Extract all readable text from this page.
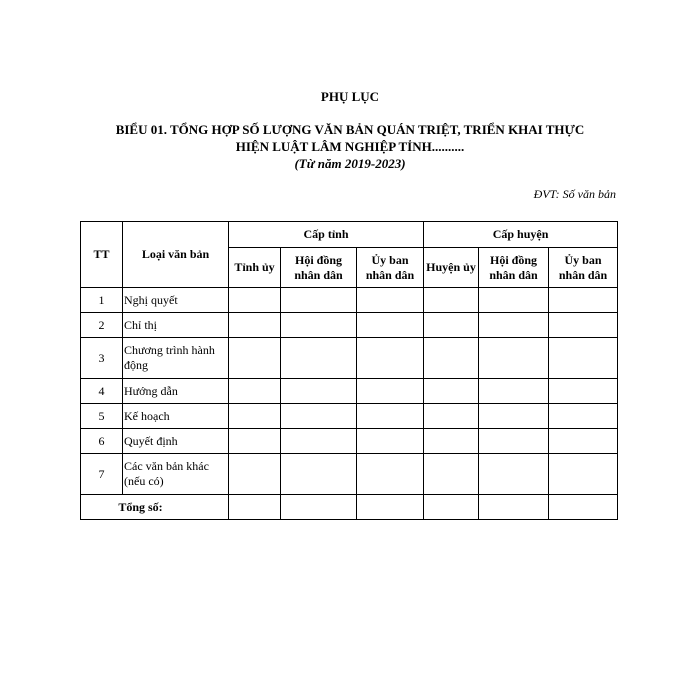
PHỤ LỤC
BIỂU 01. TỔNG HỢP SỐ LƯỢNG VĂN BẢN QUÁN TRIỆT, TRIỂN KHAI THỰC
HIỆN LUẬT LÂM NGHIỆP TỈNH..........
(Từ năm 2019-2023)
ĐVT: Số văn bản
TT	Loại văn bản	Cấp tỉnh			Cấp huyện		
		Tỉnh ủy	Hội đồng nhân dân	Ủy ban nhân dân	Huyện ủy	Hội đồng nhân dân	Ủy ban nhân dân
1	Nghị quyết						
2	Chỉ thị						
3	Chương trình hành động						
4	Hướng dẫn						
5	Kế hoạch						
6	Quyết định						
7	Các văn bản khác (nếu có)						
Tổng số:							
